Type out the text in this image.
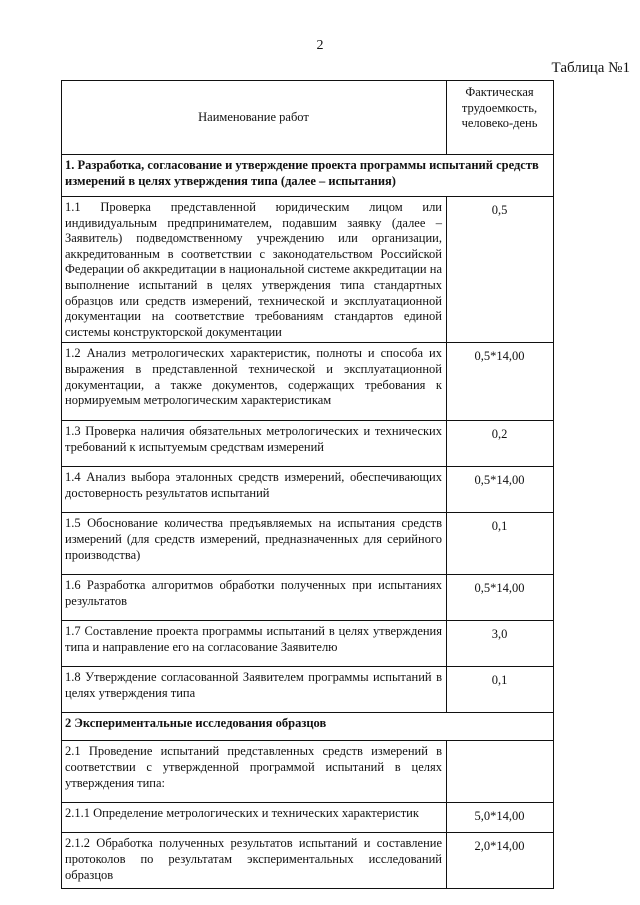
2
Таблица №1
Наименование работ	Фактическая
трудоемкость,
человеко-день

1. Разработка, согласование и утверждение проекта программы испытаний средств измерений в целях утверждения типа (далее – испытания)	
1.1 Проверка представленной юридическим лицом или индивидуальным предпринимателем, подавшим заявку (далее – Заявитель) подведомственному учреждению или организации, аккредитованным в соответствии с законодательством Российской Федерации об аккредитации в национальной системе аккредитации на выполнение испытаний в целях утверждения типа стандартных образцов или средств измерений, технической и эксплуатационной документации на соответствие требованиям стандартов единой системы конструкторской документации	0,5
1.2 Анализ метрологических характеристик, полноты и способа их выражения в представленной технической и эксплуатационной документации, а также документов, содержащих требования к нормируемым метрологическим характеристикам	0,5*14,00
1.3 Проверка наличия обязательных метрологических и технических требований к испытуемым средствам измерений	0,2
1.4 Анализ выбора эталонных средств измерений, обеспечивающих достоверность результатов испытаний	0,5*14,00
1.5 Обоснование количества предъявляемых на испытания средств измерений (для средств измерений, предназначенных для серийного производства)	0,1
1.6 Разработка алгоритмов обработки полученных при испытаниях результатов	0,5*14,00
1.7 Составление проекта программы испытаний в целях утверждения типа и направление его на согласование Заявителю	3,0
1.8 Утверждение согласованной Заявителем программы испытаний в целях утверждения типа	0,1
2 Экспериментальные исследования образцов	
2.1 Проведение испытаний представленных средств измерений в соответствии с утвержденной программой испытаний в целях утверждения типа:	
2.1.1 Определение метрологических и технических характеристик	5,0*14,00
2.1.2 Обработка полученных результатов испытаний и составление протоколов по результатам экспериментальных исследований образцов	2,0*14,00
